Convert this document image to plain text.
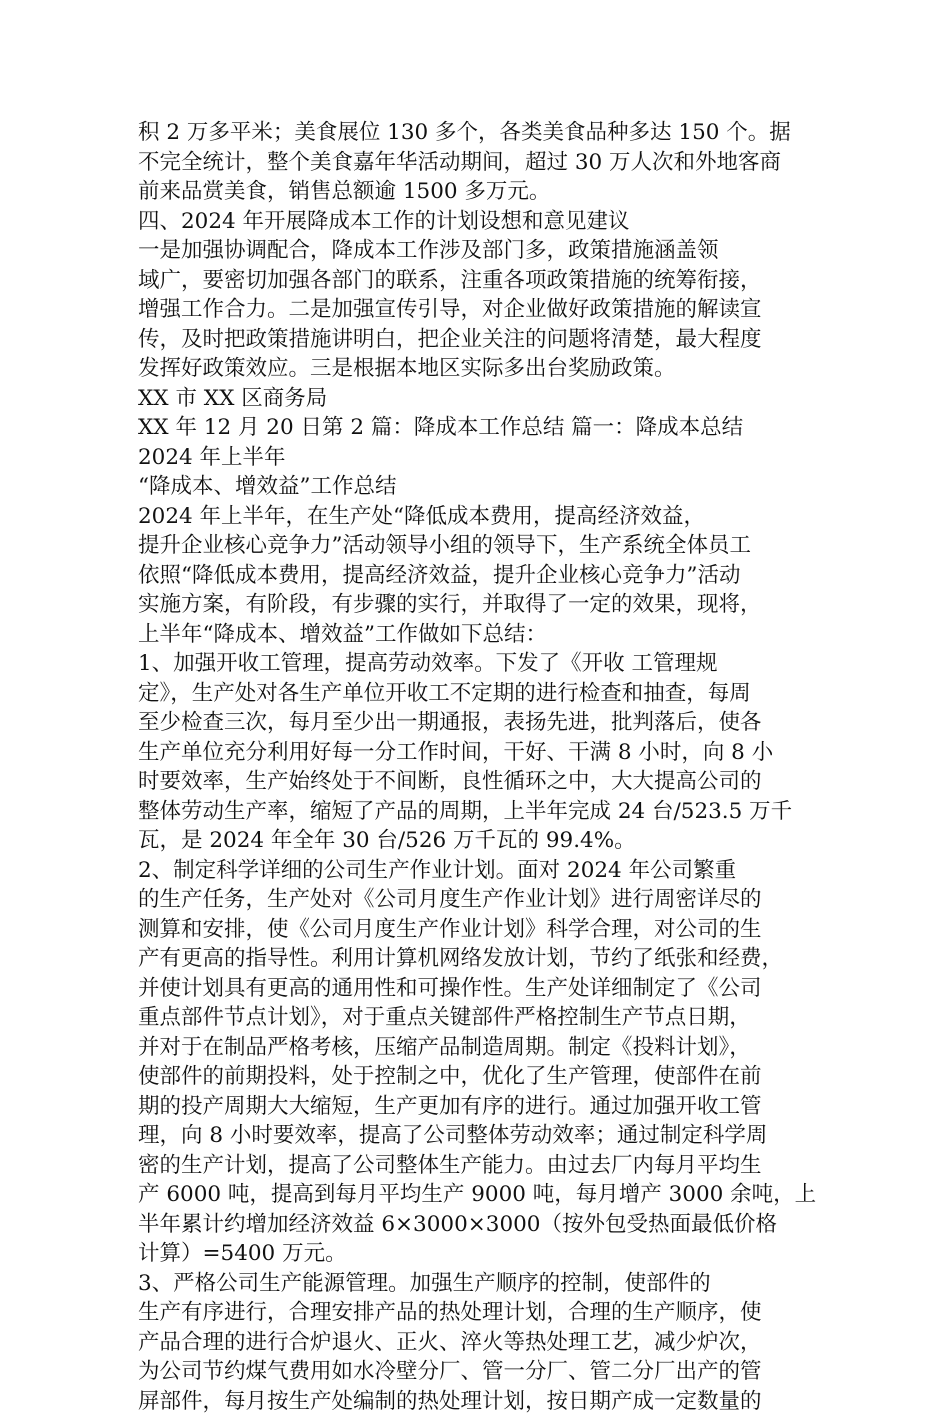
积 2 万多平米；美食展位 130 多个，各类美食品种多达 150 个。据
不完全统计，整个美食嘉年华活动期间，超过 30 万人次和外地客商
前来品赏美食，销售总额逾 1500 多万元。
四、2024 年开展降成本工作的计划设想和意见建议
一是加强协调配合，降成本工作涉及部门多，政策措施涵盖领
域广，要密切加强各部门的联系，注重各项政策措施的统筹衔接，
增强工作合力。二是加强宣传引导，对企业做好政策措施的解读宣
传，及时把政策措施讲明白，把企业关注的问题将清楚，最大程度
发挥好政策效应。三是根据本地区实际多出台奖励政策。
XX 市 XX 区商务局
XX 年 12 月 20 日第 2 篇：降成本工作总结 篇一：降成本总结
2024 年上半年
“降成本、增效益”工作总结
2024 年上半年，在生产处“降低成本费用，提高经济效益，
提升企业核心竞争力”活动领导小组的领导下，生产系统全体员工
依照“降低成本费用，提高经济效益，提升企业核心竞争力”活动
实施方案，有阶段，有步骤的实行，并取得了一定的效果，现将，
上半年“降成本、增效益”工作做如下总结：
1、加强开收工管理，提高劳动效率。下发了《开收 工管理规
定》，生产处对各生产单位开收工不定期的进行检查和抽查，每周
至少检查三次，每月至少出一期通报，表扬先进，批判落后，使各
生产单位充分利用好每一分工作时间，干好、干满 8 小时，向 8 小
时要效率，生产始终处于不间断，良性循环之中，大大提高公司的
整体劳动生产率，缩短了产品的周期，上半年完成 24 台/523.5 万千
瓦，是 2024 年全年 30 台/526 万千瓦的 99.4%。
2、制定科学详细的公司生产作业计划。面对 2024 年公司繁重
的生产任务，生产处对《公司月度生产作业计划》进行周密详尽的
测算和安排，使《公司月度生产作业计划》科学合理，对公司的生
产有更高的指导性。利用计算机网络发放计划，节约了纸张和经费，
并使计划具有更高的通用性和可操作性。生产处详细制定了《公司
重点部件节点计划》，对于重点关键部件严格控制生产节点日期，
并对于在制品严格考核，压缩产品制造周期。制定《投料计划》，
使部件的前期投料，处于控制之中，优化了生产管理，使部件在前
期的投产周期大大缩短，生产更加有序的进行。通过加强开收工管
理，向 8 小时要效率，提高了公司整体劳动效率；通过制定科学周
密的生产计划，提高了公司整体生产能力。由过去厂内每月平均生
产 6000 吨，提高到每月平均生产 9000 吨，每月增产 3000 余吨，上
半年累计约增加经济效益 6×3000×3000（按外包受热面最低价格
计算）=5400 万元。
3、严格公司生产能源管理。加强生产顺序的控制，使部件的
生产有序进行，合理安排产品的热处理计划，合理的生产顺序，使
产品合理的进行合炉退火、正火、淬火等热处理工艺，减少炉次，
为公司节约煤气费用如水冷壁分厂、管一分厂、管二分厂出产的管
屏部件，每月按生产处编制的热处理计划，按日期产成一定数量的
